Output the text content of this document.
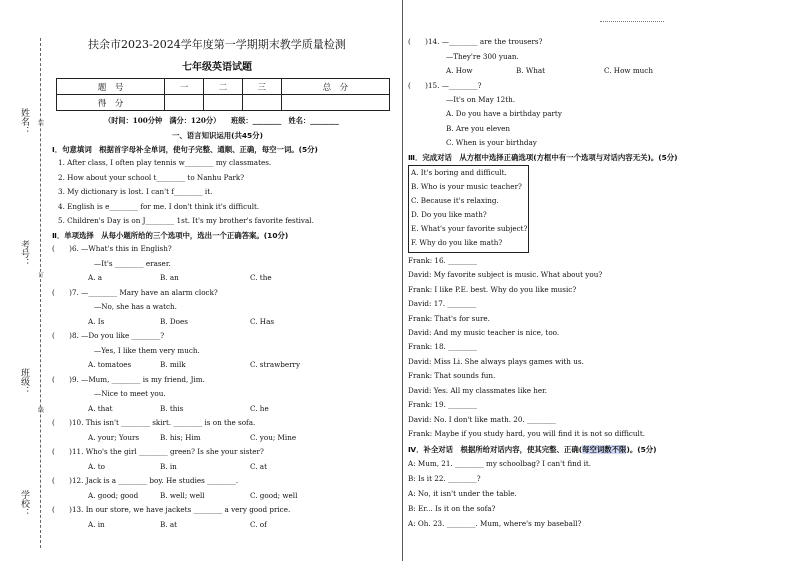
姓名：
考号：
班级：
学校：
装
订
线
扶余市2023-2024学年度第一学期期末教学质量检测
七年级英语试题
题　号	一	二	三	总　分
得　分				
（时间：100分钟　满分：120分）　　班级：________　姓名：________
一、语言知识运用(共45分)
Ⅰ．句意填词　根据首字母补全单词，使句子完整、通顺、正确，每空一词。(5分)
1. After class, I often play tennis w________ my classmates.
2. How about your school t________ to Nanhu Park?
3. My dictionary is lost. I can't f________ it.
4. English is e________ for me. I don't think it's difficult.
5. Children's Day is on J________ 1st. It's my brother's favorite festival.
Ⅱ．单项选择　从每小题所给的三个选项中，选出一个正确答案。(10分)
(　　)6. —What's this in English?
—It's ________ eraser.
A. a	B. an	C. the
(　　)7. —________ Mary have an alarm clock?
—No, she has a watch.
A. Is	B. Does	C. Has
(　　)8. —Do you like ________?
—Yes, I like them very much.
A. tomatoes	B. milk	C. strawberry
(　　)9. —Mum, ________ is my friend, Jim.
—Nice to meet you.
A. that	B. this	C. he
(　　)10. This isn't ________ skirt. ________ is on the sofa.
A. your; Yours	B. his; Him	C. you; Mine
(　　)11. Who's the girl ________ green? Is she your sister?
A. to	B. in	C. at
(　　)12. Jack is a ________ boy. He studies ________.
A. good; good	B. well; well	C. good; well
(　　)13. In our store, we have jackets ________ a very good price.
A. in	B. at	C. of
(　　)14. —________ are the trousers?
—They're 300 yuan.
A. How	B. What	C. How much
(　　)15. —________?
—It's on May 12th.
A. Do you have a birthday party
B. Are you eleven
C. When is your birthday
Ⅲ．完成对话　从方框中选择正确选项(方框中有一个选项与对话内容无关)。(5分)
A. It's boring and difficult.
B. Who is your music teacher?
C. Because it's relaxing.
D. Do you like math?
E. What's your favorite subject?
F. Why do you like math?
Frank: 16. ________
David: My favorite subject is music. What about you?
Frank: I like P.E. best. Why do you like music?
David: 17. ________
Frank: That's for sure.
David: And my music teacher is nice, too.
Frank: 18. ________
David: Miss Li. She always plays games with us.
Frank: That sounds fun.
David: Yes. All my classmates like her.
Frank: 19. ________
David: No. I don't like math. 20. ________
Frank: Maybe if you study hard, you will find it is not so difficult.
Ⅳ．补全对话　根据所给对话内容，使其完整、正确(每空词数不限)。(5分)
A: Mum, 21. ________ my schoolbag? I can't find it.
B: Is it 22. ________?
A: No, it isn't under the table.
B: Er... Is it on the sofa?
A: Oh. 23. ________. Mum, where's my baseball?
